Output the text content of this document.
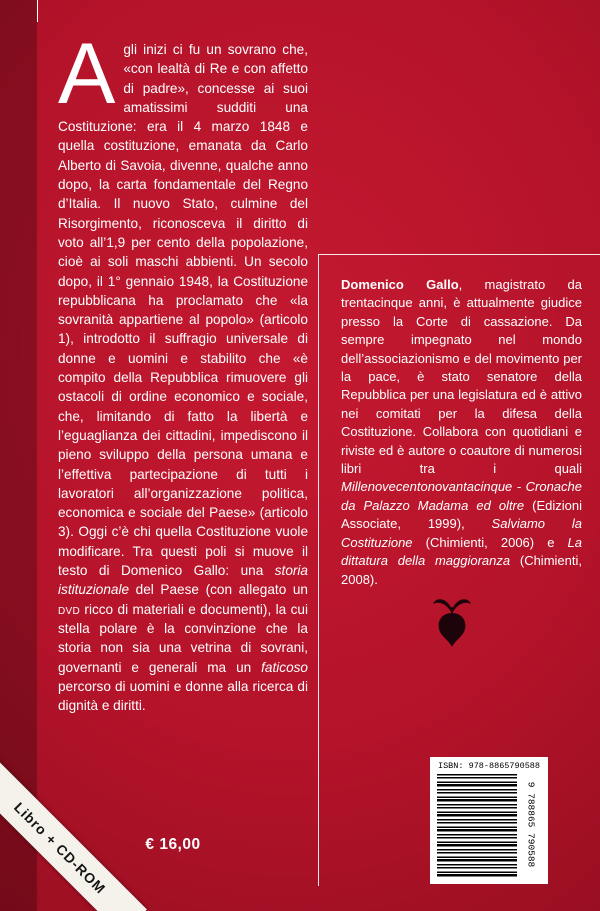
Agli inizi ci fu un sovrano che, «con lealtà di Re e con affetto di padre», concesse ai suoi amatissimi sudditi una Costituzione: era il 4 marzo 1848 e quella costituzione, emanata da Carlo Alberto di Savoia, divenne, qualche anno dopo, la carta fondamentale del Regno d’Italia. Il nuovo Stato, culmine del Risorgimento, riconosceva il diritto di voto all’1,9 per cento della popolazione, cioè ai soli maschi abbienti. Un secolo dopo, il 1° gennaio 1948, la Costituzione repubblicana ha proclamato che «la sovranità appartiene al popolo» (articolo 1), introdotto il suffragio universale di donne e uomini e stabilito che «è compito della Repubblica rimuovere gli ostacoli di ordine economico e sociale, che, limitando di fatto la libertà e l’eguaglianza dei cittadini, impediscono il pieno sviluppo della persona umana e l’effettiva partecipazione di tutti i lavoratori all’organizzazione politica, economica e sociale del Paese» (articolo 3). Oggi c’è chi quella Costituzione vuole modificare. Tra questi poli si muove il testo di Domenico Gallo: una storia istituzionale del Paese (con allegato un dvd ricco di materiali e documenti), la cui stella polare è la convinzione che la storia non sia una vetrina di sovrani, governanti e generali ma un faticoso percorso di uomini e donne alla ricerca di dignità e diritti.
Domenico Gallo, magistrato da trentacinque anni, è attualmente giudice presso la Corte di cassazione. Da sempre impegnato nel mondo dell’associazionismo e del movimento per la pace, è stato senatore della Repubblica per una legislatura ed è attivo nei comitati per la difesa della Costituzione. Collabora con quotidiani e riviste ed è autore o coautore di numerosi libri tra i quali Millenovecentonovantacinque - Cronache da Palazzo Madama ed oltre (Edizioni Associate, 1999), Salviamo la Costituzione (Chimienti, 2006) e La dittatura della maggioranza (Chimienti, 2008).
€ 16,00
Libro + CD-ROM
ISBN: 978-8865790588
9 788865 790588
